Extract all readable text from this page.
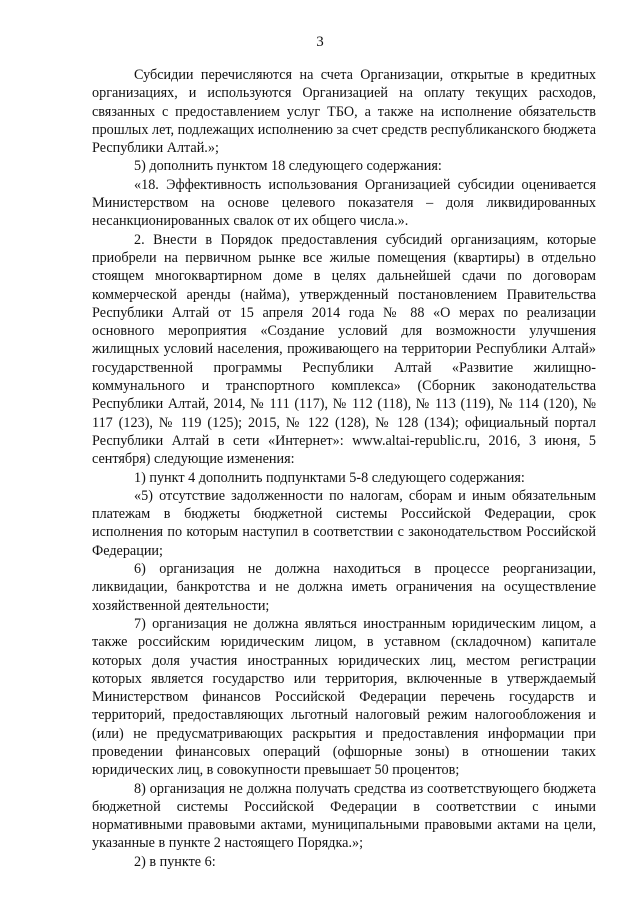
3

Субсидии перечисляются на счета Организации, открытые в кредитных организациях, и используются Организацией на оплату текущих расходов, связанных с предоставлением услуг ТБО, а также на исполнение обязательств прошлых лет, подлежащих исполнению за счет средств республиканского бюджета Республики Алтай.»;

5) дополнить пунктом 18 следующего содержания:

«18. Эффективность использования Организацией субсидии оценивается Министерством на основе целевого показателя – доля ликвидированных несанкционированных свалок от их общего числа.».

2. Внести в Порядок предоставления субсидий организациям, которые приобрели на первичном рынке все жилые помещения (квартиры) в отдельно стоящем многоквартирном доме в целях дальнейшей сдачи по договорам коммерческой аренды (найма), утвержденный постановлением Правительства Республики Алтай от 15 апреля 2014 года № 88 «О мерах по реализации основного мероприятия «Создание условий для возможности улучшения жилищных условий населения, проживающего на территории Республики Алтай» государственной программы Республики Алтай «Развитие жилищно-коммунального и транспортного комплекса» (Сборник законодательства Республики Алтай, 2014, № 111 (117), № 112 (118), № 113 (119), № 114 (120), № 117 (123), № 119 (125); 2015, № 122 (128), № 128 (134); официальный портал Республики Алтай в сети «Интернет»: www.altai-republic.ru, 2016, 3 июня, 5 сентября) следующие изменения:

1) пункт 4 дополнить подпунктами 5-8 следующего содержания:

«5) отсутствие задолженности по налогам, сборам и иным обязательным платежам в бюджеты бюджетной системы Российской Федерации, срок исполнения по которым наступил в соответствии с законодательством Российской Федерации;

6) организация не должна находиться в процессе реорганизации, ликвидации, банкротства и не должна иметь ограничения на осуществление хозяйственной деятельности;

7) организация не должна являться иностранным юридическим лицом, а также российским юридическим лицом, в уставном (складочном) капитале которых доля участия иностранных юридических лиц, местом регистрации которых является государство или территория, включенные в утверждаемый Министерством финансов Российской Федерации перечень государств и территорий, предоставляющих льготный налоговый режим налогообложения и (или) не предусматривающих раскрытия и предоставления информации при проведении финансовых операций (офшорные зоны) в отношении таких юридических лиц, в совокупности превышает 50 процентов;

8) организация не должна получать средства из соответствующего бюджета бюджетной системы Российской Федерации в соответствии с иными нормативными правовыми актами, муниципальными правовыми актами на цели, указанные в пункте 2 настоящего Порядка.»;

2) в пункте 6:
